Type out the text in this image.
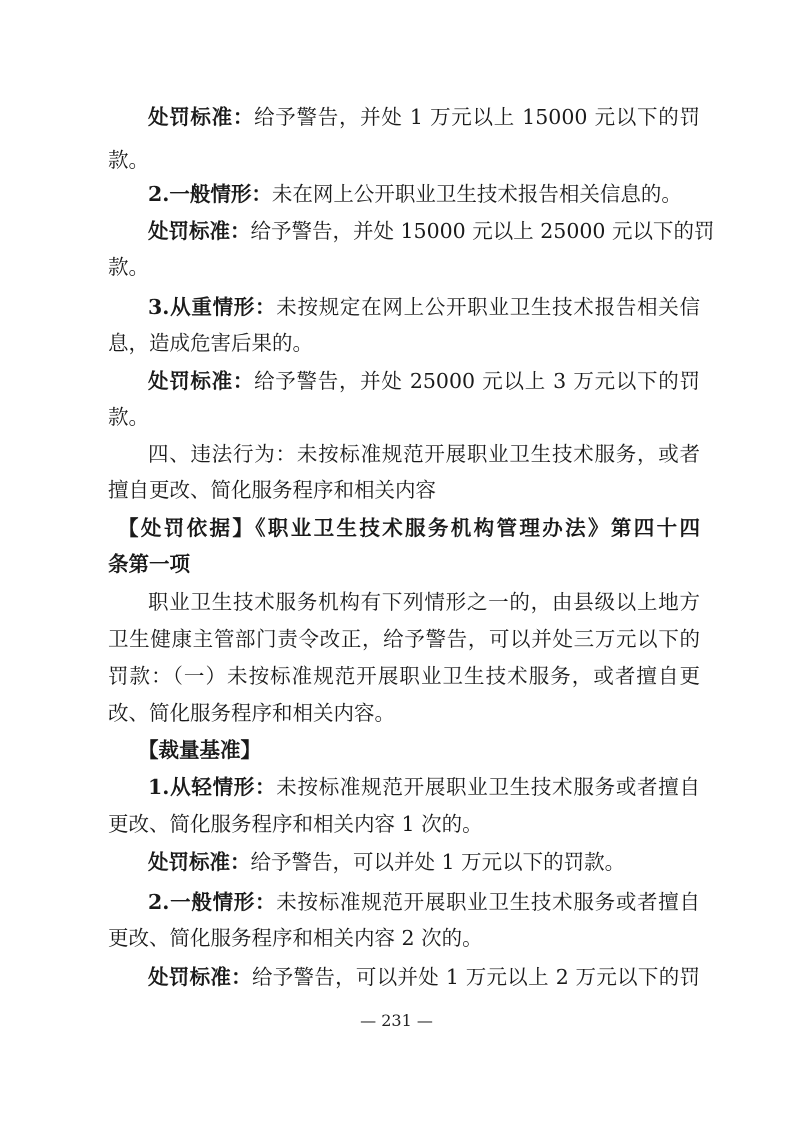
处罚标准：给予警告，并处 1 万元以上 15000 元以下的罚
款。
2.一般情形：未在网上公开职业卫生技术报告相关信息的。
处罚标准：给予警告，并处 15000 元以上 25000 元以下的罚
款。
3.从重情形：未按规定在网上公开职业卫生技术报告相关信
息，造成危害后果的。
处罚标准：给予警告，并处 25000 元以上 3 万元以下的罚
款。
四、违法行为：未按标准规范开展职业卫生技术服务，或者
擅自更改、简化服务程序和相关内容
【处罚依据】《职业卫生技术服务机构管理办法》第四十四
条第一项
职业卫生技术服务机构有下列情形之一的，由县级以上地方
卫生健康主管部门责令改正，给予警告，可以并处三万元以下的
罚款：（一）未按标准规范开展职业卫生技术服务，或者擅自更
改、简化服务程序和相关内容。
【裁量基准】
1.从轻情形：未按标准规范开展职业卫生技术服务或者擅自
更改、简化服务程序和相关内容 1 次的。
处罚标准：给予警告，可以并处 1 万元以下的罚款。
2.一般情形：未按标准规范开展职业卫生技术服务或者擅自
更改、简化服务程序和相关内容 2 次的。
处罚标准：给予警告，可以并处 1 万元以上 2 万元以下的罚
— 231 —
